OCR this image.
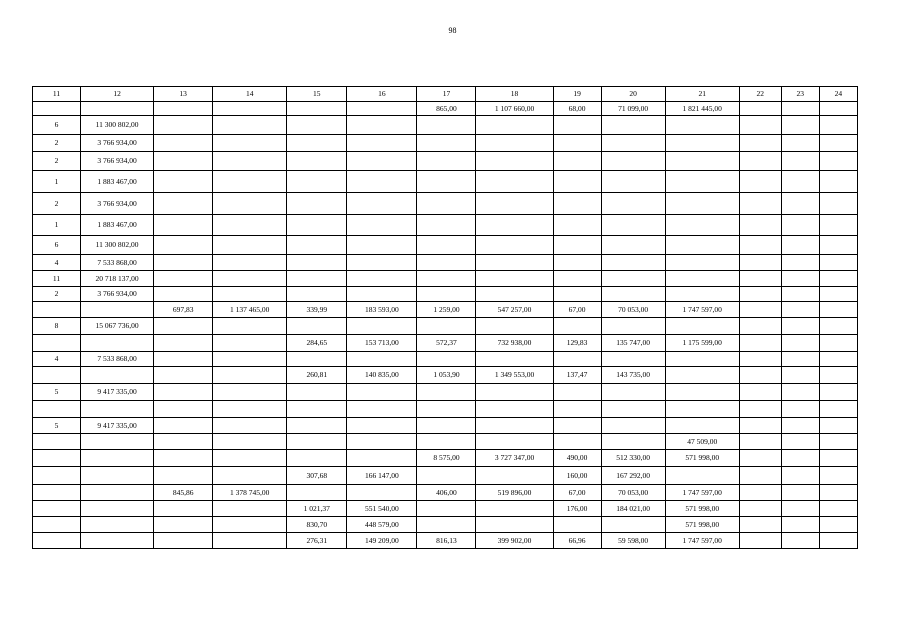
98
11	12	13	14	15	16	17	18	19	20	21	22	23	24
						865,00	1 107 660,00	68,00	71 099,00	1 821 445,00			
6	11 300 802,00												
2	3 766 934,00												
2	3 766 934,00												
1	1 883 467,00												
2	3 766 934,00												
1	1 883 467,00												
6	11 300 802,00												
4	7 533 868,00												
11	20 718 137,00												
2	3 766 934,00												
		697,83	1 137 465,00	339,99	183 593,00	1 259,00	547 257,00	67,00	70 053,00	1 747 597,00			
8	15 067 736,00												
				284,65	153 713,00	572,37	732 938,00	129,83	135 747,00	1 175 599,00			
4	7 533 868,00												
				260,81	140 835,00	1 053,90	1 349 553,00	137,47	143 735,00				
5	9 417 335,00												

5	9 417 335,00												
										47 509,00			
						8 575,00	3 727 347,00	490,00	512 330,00	571 998,00			
				307,68	166 147,00			160,00	167 292,00				
		845,86	1 378 745,00			406,00	519 896,00	67,00	70 053,00	1 747 597,00			
				1 021,37	551 540,00			176,00	184 021,00	571 998,00			
				830,70	448 579,00					571 998,00			
				276,31	149 209,00	816,13	399 902,00	66,96	59 598,00	1 747 597,00			
